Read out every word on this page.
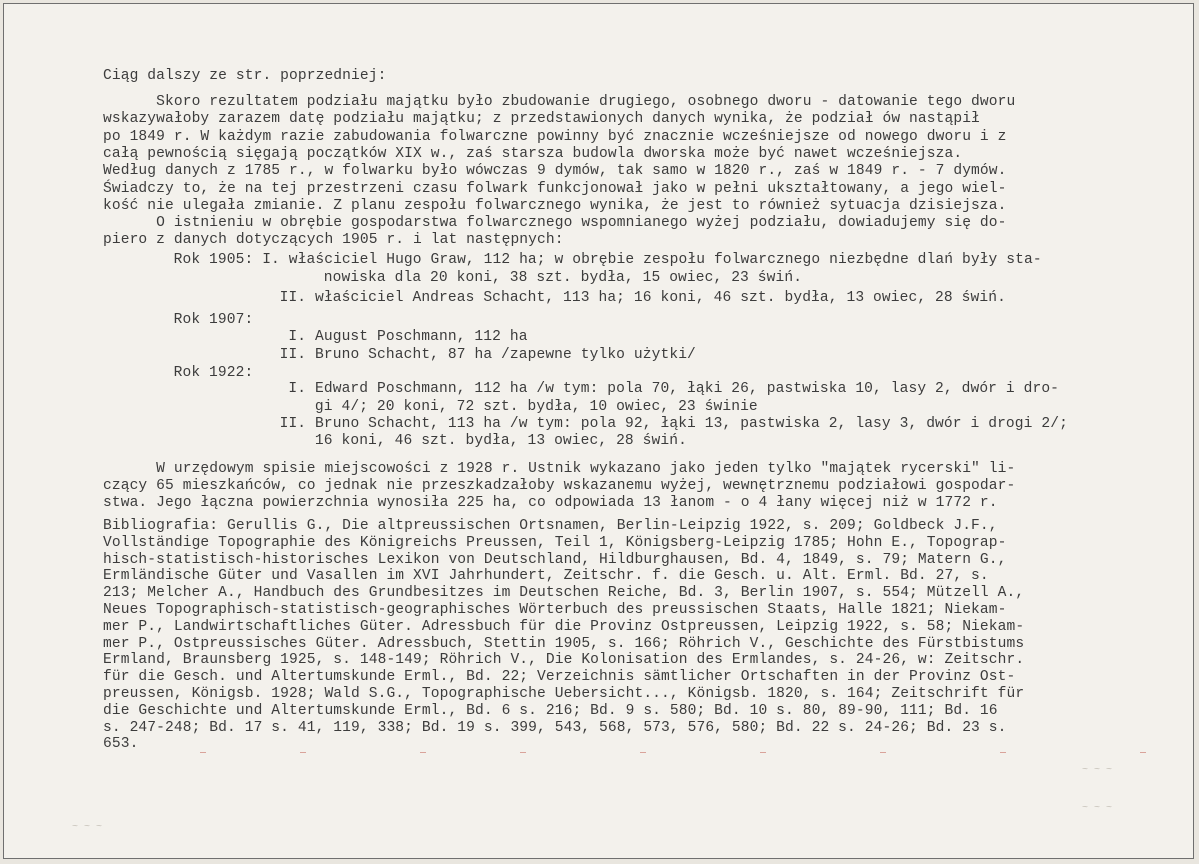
Ciąg dalszy ze str. poprzedniej:
Skoro rezultatem podziału majątku było zbudowanie drugiego, osobnego dworu - datowanie tego dworu
wskazywałoby zarazem datę podziału majątku; z przedstawionych danych wynika, że podział ów nastąpił
po 1849 r. W każdym razie zabudowania folwarczne powinny być znacznie wcześniejsze od nowego dworu i z
całą pewnością sięgają początków XIX w., zaś starsza budowla dworska może być nawet wcześniejsza.
Według danych z 1785 r., w folwarku było wówczas 9 dymów, tak samo w 1820 r., zaś w 1849 r. - 7 dymów.
Świadczy to, że na tej przestrzeni czasu folwark funkcjonował jako w pełni ukształtowany, a jego wiel-
kość nie ulegała zmianie. Z planu zespołu folwarcznego wynika, że jest to również sytuacja dzisiejsza.
O istnieniu w obrębie gospodarstwa folwarcznego wspomnianego wyżej podziału, dowiadujemy się do-
piero z danych dotyczących 1905 r. i lat następnych:
Rok 1905: I. właściciel Hugo Graw, 112 ha; w obrębie zespołu folwarcznego niezbędne dlań były sta-
nowiska dla 20 koni, 38 szt. bydła, 15 owiec, 23 świń.
II. właściciel Andreas Schacht, 113 ha; 16 koni, 46 szt. bydła, 13 owiec, 28 świń.
Rok 1907:
I. August Poschmann, 112 ha
II. Bruno Schacht, 87 ha /zapewne tylko użytki/
Rok 1922:
I. Edward Poschmann, 112 ha /w tym: pola 70, łąki 26, pastwiska 10, lasy 2, dwór i dro-
gi 4/; 20 koni, 72 szt. bydła, 10 owiec, 23 świnie
II. Bruno Schacht, 113 ha /w tym: pola 92, łąki 13, pastwiska 2, lasy 3, dwór i drogi 2/;
16 koni, 46 szt. bydła, 13 owiec, 28 świń.
W urzędowym spisie miejscowości z 1928 r. Ustnik wykazano jako jeden tylko "majątek rycerski" li-
czący 65 mieszkańców, co jednak nie przeszkadzałoby wskazanemu wyżej, wewnętrznemu podziałowi gospodar-
stwa. Jego łączna powierzchnia wynosiła 225 ha, co odpowiada 13 łanom - o 4 łany więcej niż w 1772 r.
Bibliografia: Gerullis G., Die altpreussischen Ortsnamen, Berlin-Leipzig 1922, s. 209; Goldbeck J.F.,
Vollständige Topographie des Königreichs Preussen, Teil 1, Königsberg-Leipzig 1785; Hohn E., Topograp-
hisch-statistisch-historisches Lexikon von Deutschland, Hildburghausen, Bd. 4, 1849, s. 79; Matern G.,
Ermländische Güter und Vasallen im XVI Jahrhundert, Zeitschr. f. die Gesch. u. Alt. Erml. Bd. 27, s.
213; Melcher A., Handbuch des Grundbesitzes im Deutschen Reiche, Bd. 3, Berlin 1907, s. 554; Mützell A.,
Neues Topographisch-statistisch-geographisches Wörterbuch des preussischen Staats, Halle 1821; Niekam-
mer P., Landwirtschaftliches Güter. Adressbuch für die Provinz Ostpreussen, Leipzig 1922, s. 58; Niekam-
mer P., Ostpreussisches Güter. Adressbuch, Stettin 1905, s. 166; Röhrich V., Geschichte des Fürstbistums
Ermland, Braunsberg 1925, s. 148-149; Röhrich V., Die Kolonisation des Ermlandes, s. 24-26, w: Zeitschr.
für die Gesch. und Altertumskunde Erml., Bd. 22; Verzeichnis sämtlicher Ortschaften in der Provinz Ost-
preussen, Königsb. 1928; Wald S.G., Topographische Uebersicht..., Königsb. 1820, s. 164; Zeitschrift für
die Geschichte und Altertumskunde Erml., Bd. 6 s. 216; Bd. 9 s. 580; Bd. 10 s. 80, 89-90, 111; Bd. 16
s. 247-248; Bd. 17 s. 41, 119, 338; Bd. 19 s. 399, 543, 568, 573, 576, 580; Bd. 22 s. 24-26; Bd. 23 s.
653.
~ ~ ~
~ ~ ~
~ ~ ~
